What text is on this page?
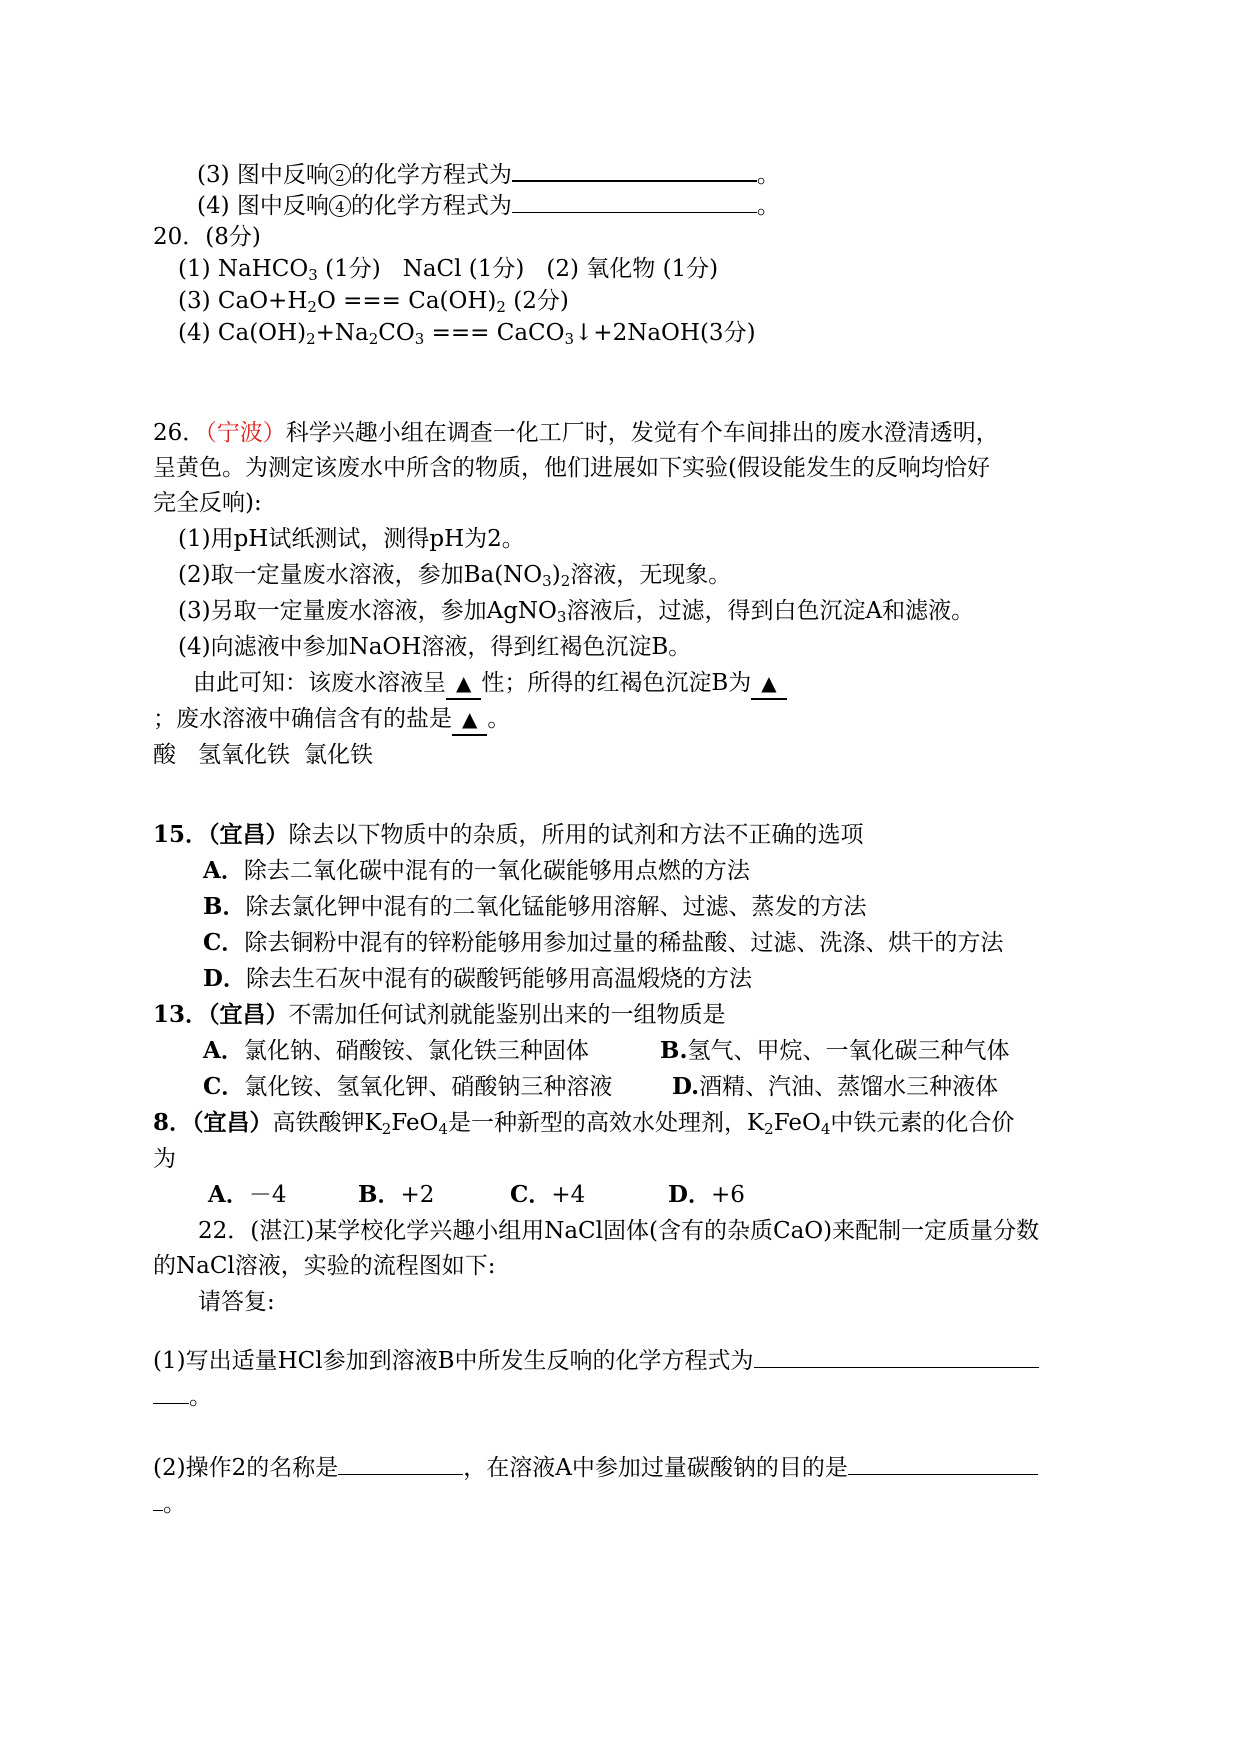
(3) 图中反响 2 的化学方程式为	。
(4) 图中反响 4 的化学方程式为	。
20．(8分)
(1) NaHCO$_3$ (1分) NaCl (1分) (2) 氧化物 (1分)
(3) $CaO+H_2O$ === $Ca(OH)_2$ (2分)
(4) $Ca(OH)_2+Na_2CO_3$ === CaCO$_3$↓+2NaOH(3分)
26．（宁波）科学兴趣小组在调查一化工厂时，发觉有个车间排出的废水澄清透明，
呈黄色。为测定该废水中所含的物质，他们进展如下实验(假设能发生的反响均恰好
完全反响):
(1)用pH试纸测试，测得pH为2。
(2)取一定量废水溶液，参加$Ba(NO_3)_2$溶液，无现象。
(3)另取一定量废水溶液，参加AgNO$_3$溶液后，过滤，得到白色沉淀A和滤液。
(4)向滤液中参加NaOH溶液，得到红褐色沉淀B。
由此可知：该废水溶液呈 ▲ 性；所得的红褐色沉淀B为 ▲
；废水溶液中确信含有的盐是 ▲ 。
酸 氢氧化铁 氯化铁
15．（宜昌）除去以下物质中的杂质，所用的试剂和方法不正确的选项
A．除去二氧化碳中混有的一氧化碳能够用点燃的方法
B．除去氯化钾中混有的二氧化锰能够用溶解、过滤、蒸发的方法
C．除去铜粉中混有的锌粉能够用参加过量的稀盐酸、过滤、洗涤、烘干的方法
D．除去生石灰中混有的碳酸钙能够用高温煅烧的方法
13．（宜昌）不需加任何试剂就能鉴别出来的一组物质是
A．氯化钠、硝酸铵、氯化铁三种固体	B.氢气、甲烷、一氧化碳三种气体
C．氯化铵、氢氧化钾、硝酸钠三种溶液	D.酒精、汽油、蒸馏水三种液体
8．（宜昌）高铁酸钾$K_2FeO_4$是一种新型的高效水处理剂，$K_2FeO_4$中铁元素的化合价
为
A．－4	B．+2	C．+4	D．+6
22．(湛江)某学校化学兴趣小组用NaCl固体(含有的杂质CaO)来配制一定质量分数
的NaCl溶液，实验的流程图如下:
请答复:
(1)写出适量HCl参加到溶液B中所发生反响的化学方程式为
。
(2)操作2的名称是	，在溶液A中参加过量碳酸钠的目的是
。
